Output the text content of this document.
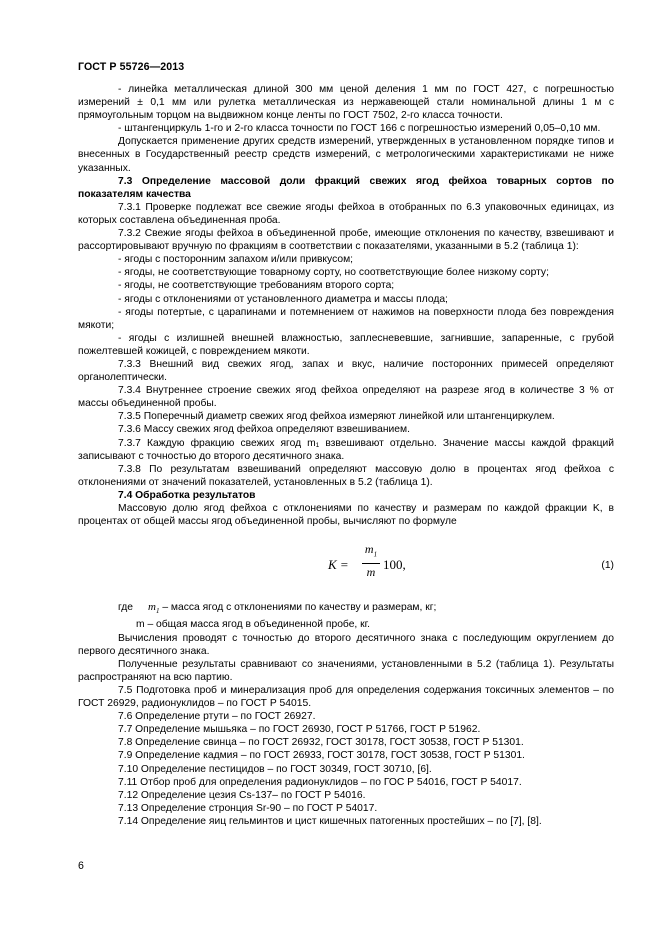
ГОСТ Р 55726—2013

- линейка металлическая длиной 300 мм ценой деления 1 мм по ГОСТ 427, с погрешностью измерений ± 0,1 мм или рулетка металлическая из нержавеющей стали номинальной длины 1 м с прямоугольным торцом на выдвижном конце ленты по ГОСТ 7502, 2-го класса точности.

- штангенциркуль 1-го и 2-го класса точности по ГОСТ 166 с погрешностью измерений 0,05–0,10 мм.

Допускается применение других средств измерений, утвержденных в установленном порядке типов и внесенных в Государственный реестр средств измерений, с метрологическими характеристиками не ниже указанных.

7.3 Определение массовой доли фракций свежих ягод фейхоа товарных сортов по показателям качества

7.3.1 Проверке подлежат все свежие ягоды фейхоа в отобранных по 6.3 упаковочных единицах, из которых составлена объединенная проба.

7.3.2 Свежие ягоды фейхоа в объединенной пробе, имеющие отклонения по качеству, взвешивают и рассортировывают вручную по фракциям в соответствии с показателями, указанными в 5.2 (таблица 1):

- ягоды с посторонним запахом и/или привкусом;

- ягоды, не соответствующие товарному сорту, но соответствующие более низкому сорту;

- ягоды, не соответствующие требованиям второго сорта;

- ягоды с отклонениями от установленного диаметра и массы плода;

- ягоды потертые, с царапинами и потемнением от нажимов на поверхности плода без повреждения мякоти;

- ягоды с излишней внешней влажностью, заплесневевшие, загнившие, запаренные, с грубой пожелтевшей кожицей, с повреждением мякоти.

7.3.3 Внешний вид свежих ягод, запах и вкус, наличие посторонних примесей определяют органолептически.

7.3.4 Внутреннее строение свежих ягод фейхоа определяют на разрезе ягод в количестве 3 % от массы объединенной пробы.

7.3.5 Поперечный диаметр свежих ягод фейхоа измеряют линейкой или штангенциркулем.

7.3.6 Массу свежих ягод фейхоа определяют взвешиванием.

7.3.7 Каждую фракцию свежих ягод m₁ взвешивают отдельно. Значение массы каждой фракций записывают с точностью до второго десятичного знака.

7.3.8 По результатам взвешиваний определяют массовую долю в процентах ягод фейхоа с отклонениями от значений показателей, установленных в 5.2 (таблица 1).

7.4 Обработка результатов

Массовую долю ягод фейхоа с отклонениями по качеству и размерам по каждой фракции K, в процентах от общей массы ягод объединенной пробы, вычисляют по формуле

K =
$m_1$
m 100,	(1)

где $m_1$ – масса ягод с отклонениями по качеству и размерам, кг;

m – общая масса ягод в объединенной пробе, кг.

Вычисления проводят с точностью до второго десятичного знака с последующим округлением до первого десятичного знака.

Полученные результаты сравнивают со значениями, установленными в 5.2 (таблица 1). Результаты распространяют на всю партию.

7.5 Подготовка проб и минерализация проб для определения содержания токсичных элементов – по ГОСТ 26929, радионуклидов – по ГОСТ Р 54015.

7.6 Определение ртути – по ГОСТ 26927.

7.7 Определение мышьяка – по ГОСТ 26930, ГОСТ Р 51766, ГОСТ Р 51962.

7.8 Определение свинца – по ГОСТ 26932, ГОСТ 30178, ГОСТ 30538, ГОСТ Р 51301.

7.9 Определение кадмия – по ГОСТ 26933, ГОСТ 30178, ГОСТ 30538, ГОСТ Р 51301.

7.10 Определение пестицидов – по ГОСТ 30349, ГОСТ 30710, [6].

7.11 Отбор проб для определения радионуклидов – по ГОС Р 54016, ГОСТ Р 54017.

7.12 Определение цезия Cs-137– по ГОСТ Р 54016.

7.13 Определение стронция Sr-90 – по ГОСТ Р 54017.

7.14 Определение яиц гельминтов и цист кишечных патогенных простейших – по [7], [8].

6
